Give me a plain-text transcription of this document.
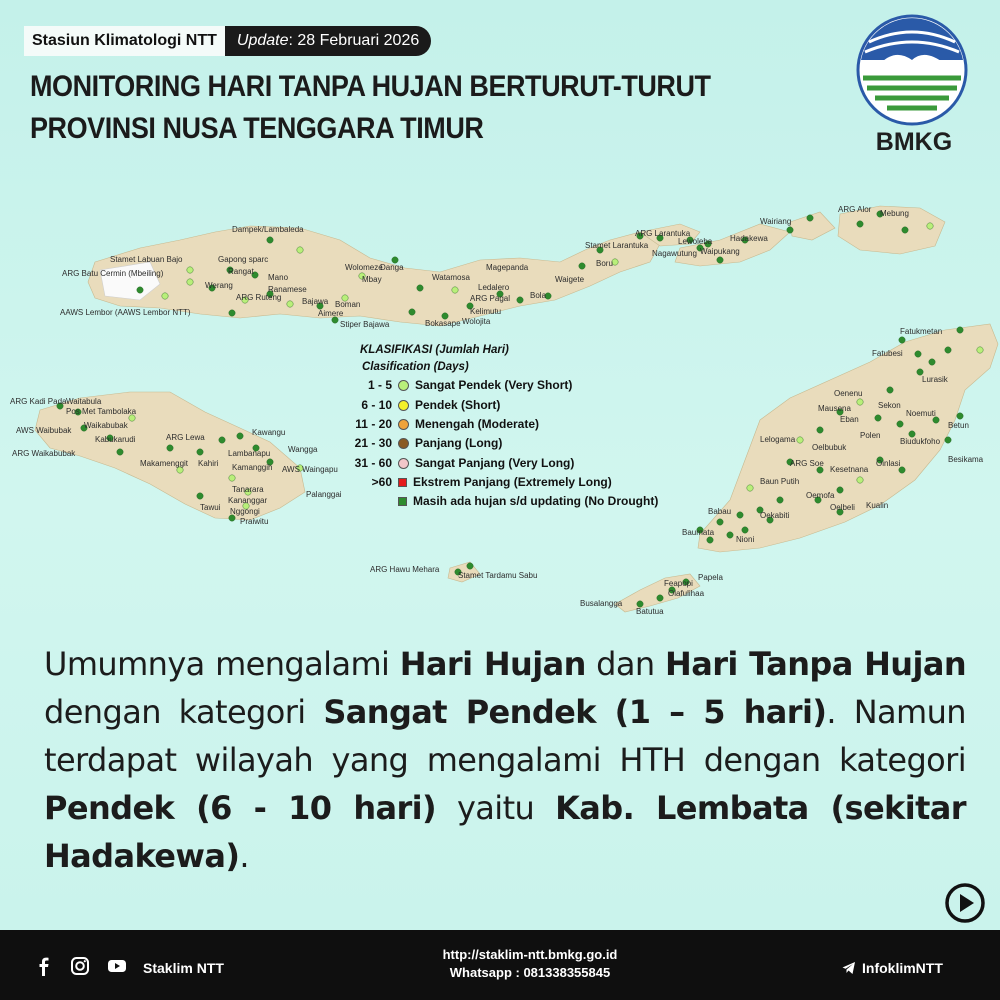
Stasiun Klimatologi NTT	Update: 28 Februari 2026
MONITORING HARI TANPA HUJAN BERTURUT-TURUT
PROVINSI NUSA TENGGARA TIMUR	BMKG
Dampek/Lambaleda
Stamet Labuan Bajo	Gapong sparc
ARG Batu Cermin (Mbeiling)	Rangat
Mano
Werang	Ranamese
ARG Ruteng	Bajawa Boman
Aimere
AAWS Lembor (AAWS Lembor NTT)
Stiper Bajawa
Wolomeze
Danga
Mbay	Watamosa
Magepanda
Ledalero
Waigete
Boru
Stamet Larantuka
ARG Larantuka
Lewoleba Hadakewa
Wairiang
Waipukang
Nagawutung
ARG Alor Mebung
ARG Pagal Bola
Wolojita
Bokasape
Kelimutu
ARG Kadi Pada Waitabula
Pos Met Tambolaka
AWS Waibubak
Waikabubak
Kabukarudi
ARG Waikabubak
ARG Lewa
Kawangu
Makamenggit Kahiri
Lambanapu
AWS Waingapu
Kamanggih
Tanarara
Kananggar
Nggongi
Praiwitu
Tawui
Palanggai
Wangga
Fatukmetan
Fatubesi
Lurasik
Oenenu
Mausena	Sekon
Eban
Noemuti
Polen
Biudukfoho
Lelogama
Oelbubuk
ARG Soe
Kesetnana
Oinlasi
Baun Putih
Oemofa
Oelbeli Kualin
Oekabiti
Babau
Baumata
Nioni
Betun
Besikama
ARG Hawu Mehara
Stamet Tardamu Sabu
Busalangga
Batutua
Papela
Olafulihaa
Feapopi
KLASIFIKASI (Jumlah Hari)
Clasification (Days)
1 - 5	Sangat Pendek (Very Short)
6 - 10	Pendek (Short)
11 - 20	Menengah (Moderate)
21 - 30	Panjang (Long)
31 - 60	Sangat Panjang (Very Long)
>60	Ekstrem Panjang (Extremely Long)
Masih ada hujan s/d updating (No Drought)
Umumnya mengalami Hari Hujan dan Hari Tanpa Hujan dengan kategori Sangat Pendek (1 – 5 hari). Namun terdapat wilayah yang mengalami HTH dengan kategori Pendek (6 - 10 hari) yaitu Kab. Lembata (sekitar Hadakewa).
Staklim NTT
http://staklim-ntt.bmkg.go.id
Whatsapp : 081338355845	InfoklimNTT
